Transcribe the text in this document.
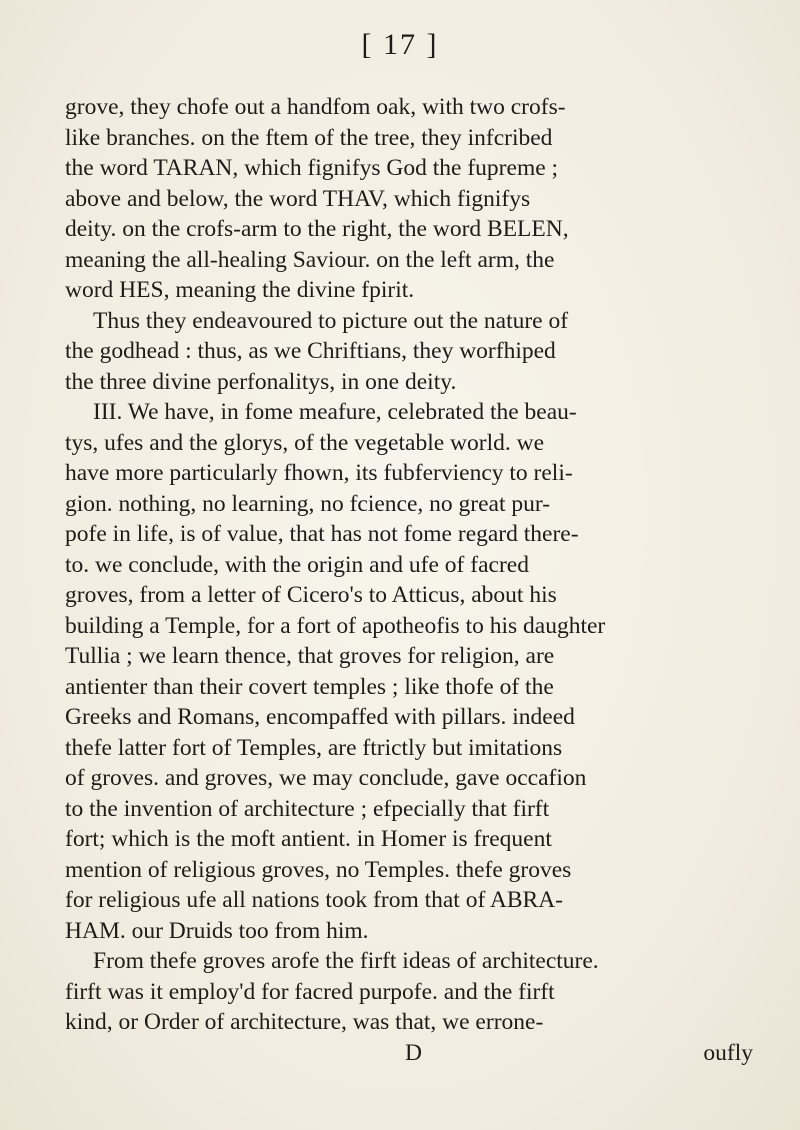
[ 17 ]
grove, they chofe out a handfom oak, with two crofs-
like branches. on the ftem of the tree, they infcribed
the word TARAN, which fignifys God the fupreme ;
above and below, the word THAV, which fignifys
deity. on the crofs-arm to the right, the word BELEN,
meaning the all-healing Saviour. on the left arm, the
word HES, meaning the divine fpirit.
Thus they endeavoured to picture out the nature of
the godhead : thus, as we Chriftians, they worfhiped
the three divine perfonalitys, in one deity.
III. We have, in fome meafure, celebrated the beau-
tys, ufes and the glorys, of the vegetable world. we
have more particularly fhown, its fubferviency to reli-
gion. nothing, no learning, no fcience, no great pur-
pofe in life, is of value, that has not fome regard there-
to. we conclude, with the origin and ufe of facred
groves, from a letter of Cicero's to Atticus, about his
building a Temple, for a fort of apotheofis to his daughter
Tullia ; we learn thence, that groves for religion, are
antienter than their covert temples ; like thofe of the
Greeks and Romans, encompaffed with pillars. indeed
thefe latter fort of Temples, are ftrictly but imitations
of groves. and groves, we may conclude, gave occafion
to the invention of architecture ; efpecially that firft
fort; which is the moft antient. in Homer is frequent
mention of religious groves, no Temples. thefe groves
for religious ufe all nations took from that of ABRA-
HAM. our Druids too from him.
From thefe groves arofe the firft ideas of architecture.
firft was it employ'd for facred purpofe. and the firft
kind, or Order of architecture, was that, we errone-
D	oufly
